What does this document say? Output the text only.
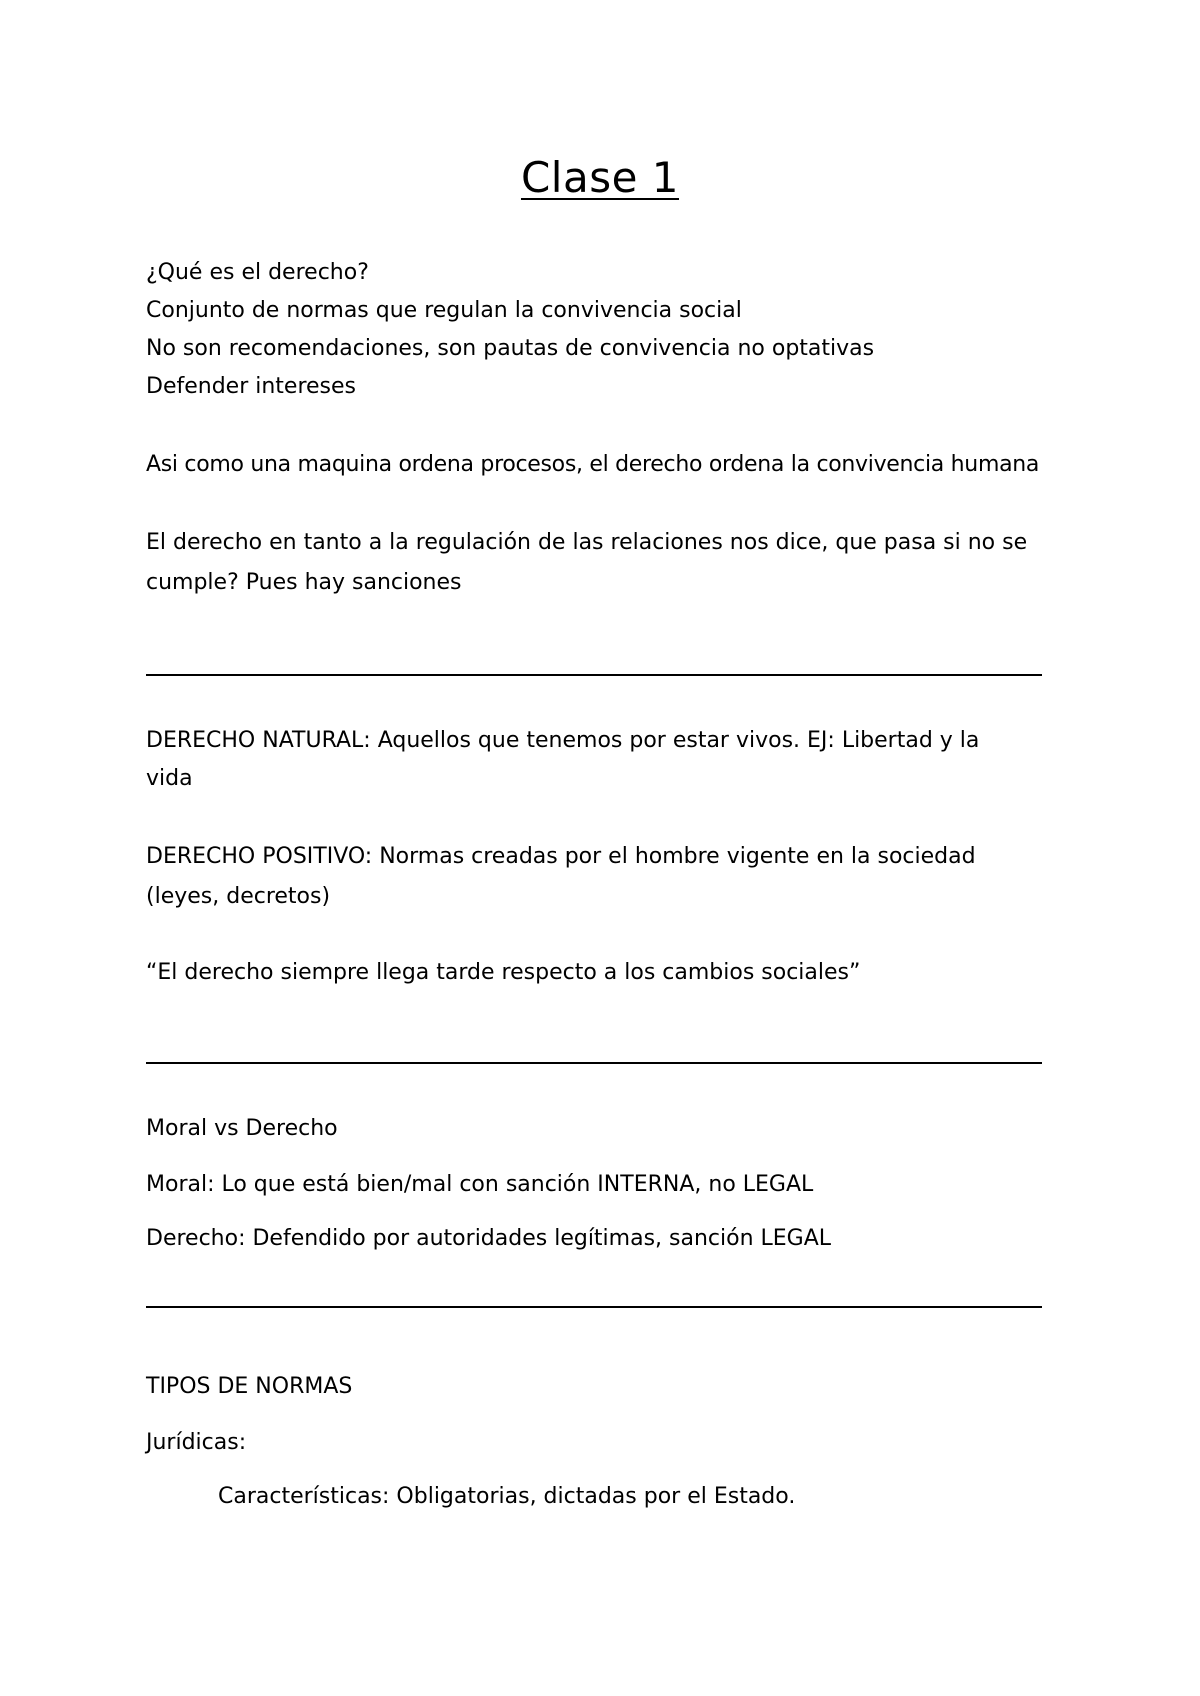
Clase 1
¿Qué es el derecho?
Conjunto de normas que regulan la convivencia social
No son recomendaciones, son pautas de convivencia no optativas
Defender intereses
Asi como una maquina ordena procesos, el derecho ordena la convivencia humana
El derecho en tanto a la regulación de las relaciones nos dice, que pasa si no se
cumple? Pues hay sanciones
DERECHO NATURAL: Aquellos que tenemos por estar vivos. EJ: Libertad y la
vida
DERECHO POSITIVO: Normas creadas por el hombre vigente en la sociedad
(leyes, decretos)
“El derecho siempre llega tarde respecto a los cambios sociales”
Moral vs Derecho
Moral: Lo que está bien/mal con sanción INTERNA, no LEGAL
Derecho: Defendido por autoridades legítimas, sanción LEGAL
TIPOS DE NORMAS
Jurídicas:
Características: Obligatorias, dictadas por el Estado.
